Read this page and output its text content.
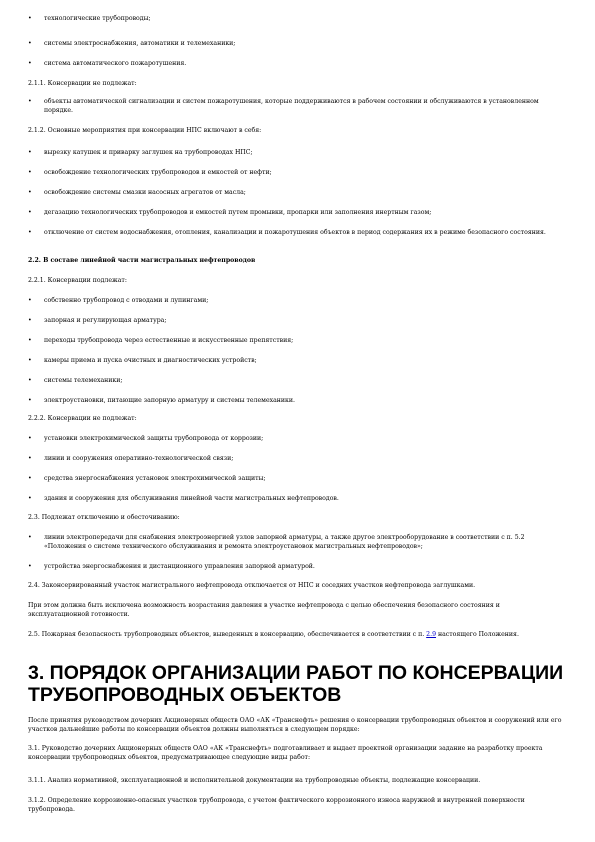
•	технологические трубопроводы;
•	системы электроснабжения, автоматики и телемеханики;
•	система автоматического пожаротушения.
2.1.1. Консервации не подлежат:
•	объекты автоматической сигнализации и систем пожаротушения, которые поддерживаются в рабочем состоянии и обслуживаются в установленном порядке.
2.1.2. Основные мероприятия при консервации НПС включают в себя:
•	вырезку катушек и приварку заглушек на трубопроводах НПС;
•	освобождение технологических трубопроводов и емкостей от нефти;
•	освобождение системы смазки насосных агрегатов от масла;
•	дегазацию технологических трубопроводов и емкостей путем промывки, пропарки или заполнения инертным газом;
•	отключение от систем водоснабжения, отопления, канализации и пожаротушения объектов в период содержания их в режиме безопасного состояния.
2.2. В составе линейной части магистральных нефтепроводов
2.2.1. Консервации подлежат:
•	собственно трубопровод с отводами и лупингами;
•	запорная и регулирующая арматура;
•	переходы трубопровода через естественные и искусственные препятствия;
•	камеры приема и пуска очистных и диагностических устройств;
•	системы телемеханики;
•	электроустановки, питающие запорную арматуру и системы телемеханики.
2.2.2. Консервации не подлежат:
•	установки электрохимической защиты трубопровода от коррозии;
•	линии и сооружения оперативно-технологической связи;
•	средства энергоснабжения установок электрохимической защиты;
•	здания и сооружения для обслуживания линейной части магистральных нефтепроводов.
2.3. Подлежат отключению и обесточиванию:
•	линии электропередачи для снабжения электроэнергией узлов запорной арматуры, а также другое электрооборудование в соответствии с п. 5.2 «Положения о системе технического обслуживания и ремонта электроустановок магистральных нефтепроводов»;
•	устройства энергоснабжения и дистанционного управления запорной арматурой.
2.4. Законсервированный участок магистрального нефтепровода отключается от НПС и соседних участков нефтепровода заглушками.
При этом должна быть исключена возможность возрастания давления в участке нефтепровода с целью обеспечения безопасного состояния и эксплуатационной готовности.
2.5. Пожарная безопасность трубопроводных объектов, выведенных в консервацию, обеспечивается в соответствии с п. 2.9 настоящего Положения.
3. ПОРЯДОК ОРГАНИЗАЦИИ РАБОТ ПО КОНСЕРВАЦИИ ТРУБОПРОВОДНЫХ ОБЪЕКТОВ
После принятия руководством дочерних Акционерных обществ ОАО «АК «Транснефть» решения о консервации трубопроводных объектов и сооружений или его участков дальнейшие работы по консервации объектов должны выполняться в следующем порядке:
3.1. Руководство дочерних Акционерных обществ ОАО «АК «Транснефть» подготавливает и выдает проектной организации задание на разработку проекта консервации трубопроводных объектов, предусматривающее следующие виды работ:
3.1.1. Анализ нормативной, эксплуатационной и исполнительной документации на трубопроводные объекты, подлежащие консервации.
3.1.2. Определение коррозионно-опасных участков трубопровода, с учетом фактического коррозионного износа наружной и внутренней поверхности трубопровода.
